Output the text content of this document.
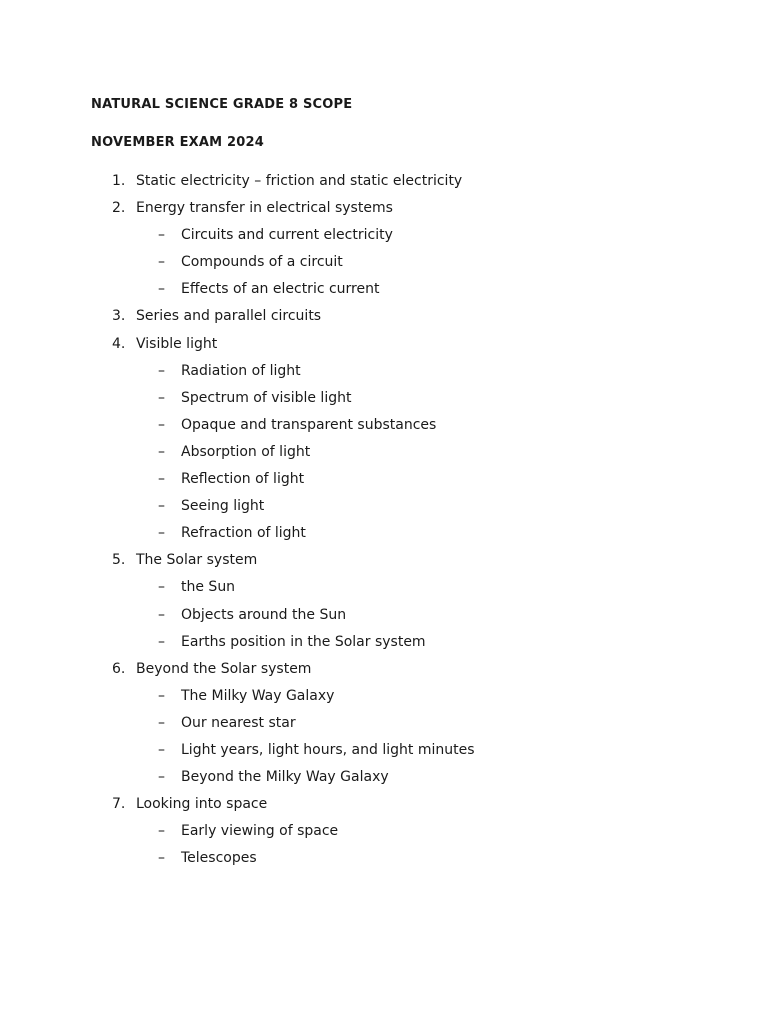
NATURAL SCIENCE GRADE 8 SCOPE
NOVEMBER EXAM 2024
1. Static electricity – friction and static electricity
2. Energy transfer in electrical systems
– Circuits and current electricity
– Compounds of a circuit
– Effects of an electric current
3. Series and parallel circuits
4. Visible light
– Radiation of light
– Spectrum of visible light
– Opaque and transparent substances
– Absorption of light
– Reflection of light
– Seeing light
– Refraction of light
5. The Solar system
– the Sun
– Objects around the Sun
– Earths position in the Solar system
6. Beyond the Solar system
– The Milky Way Galaxy
– Our nearest star
– Light years, light hours, and light minutes
– Beyond the Milky Way Galaxy
7. Looking into space
– Early viewing of space
– Telescopes
